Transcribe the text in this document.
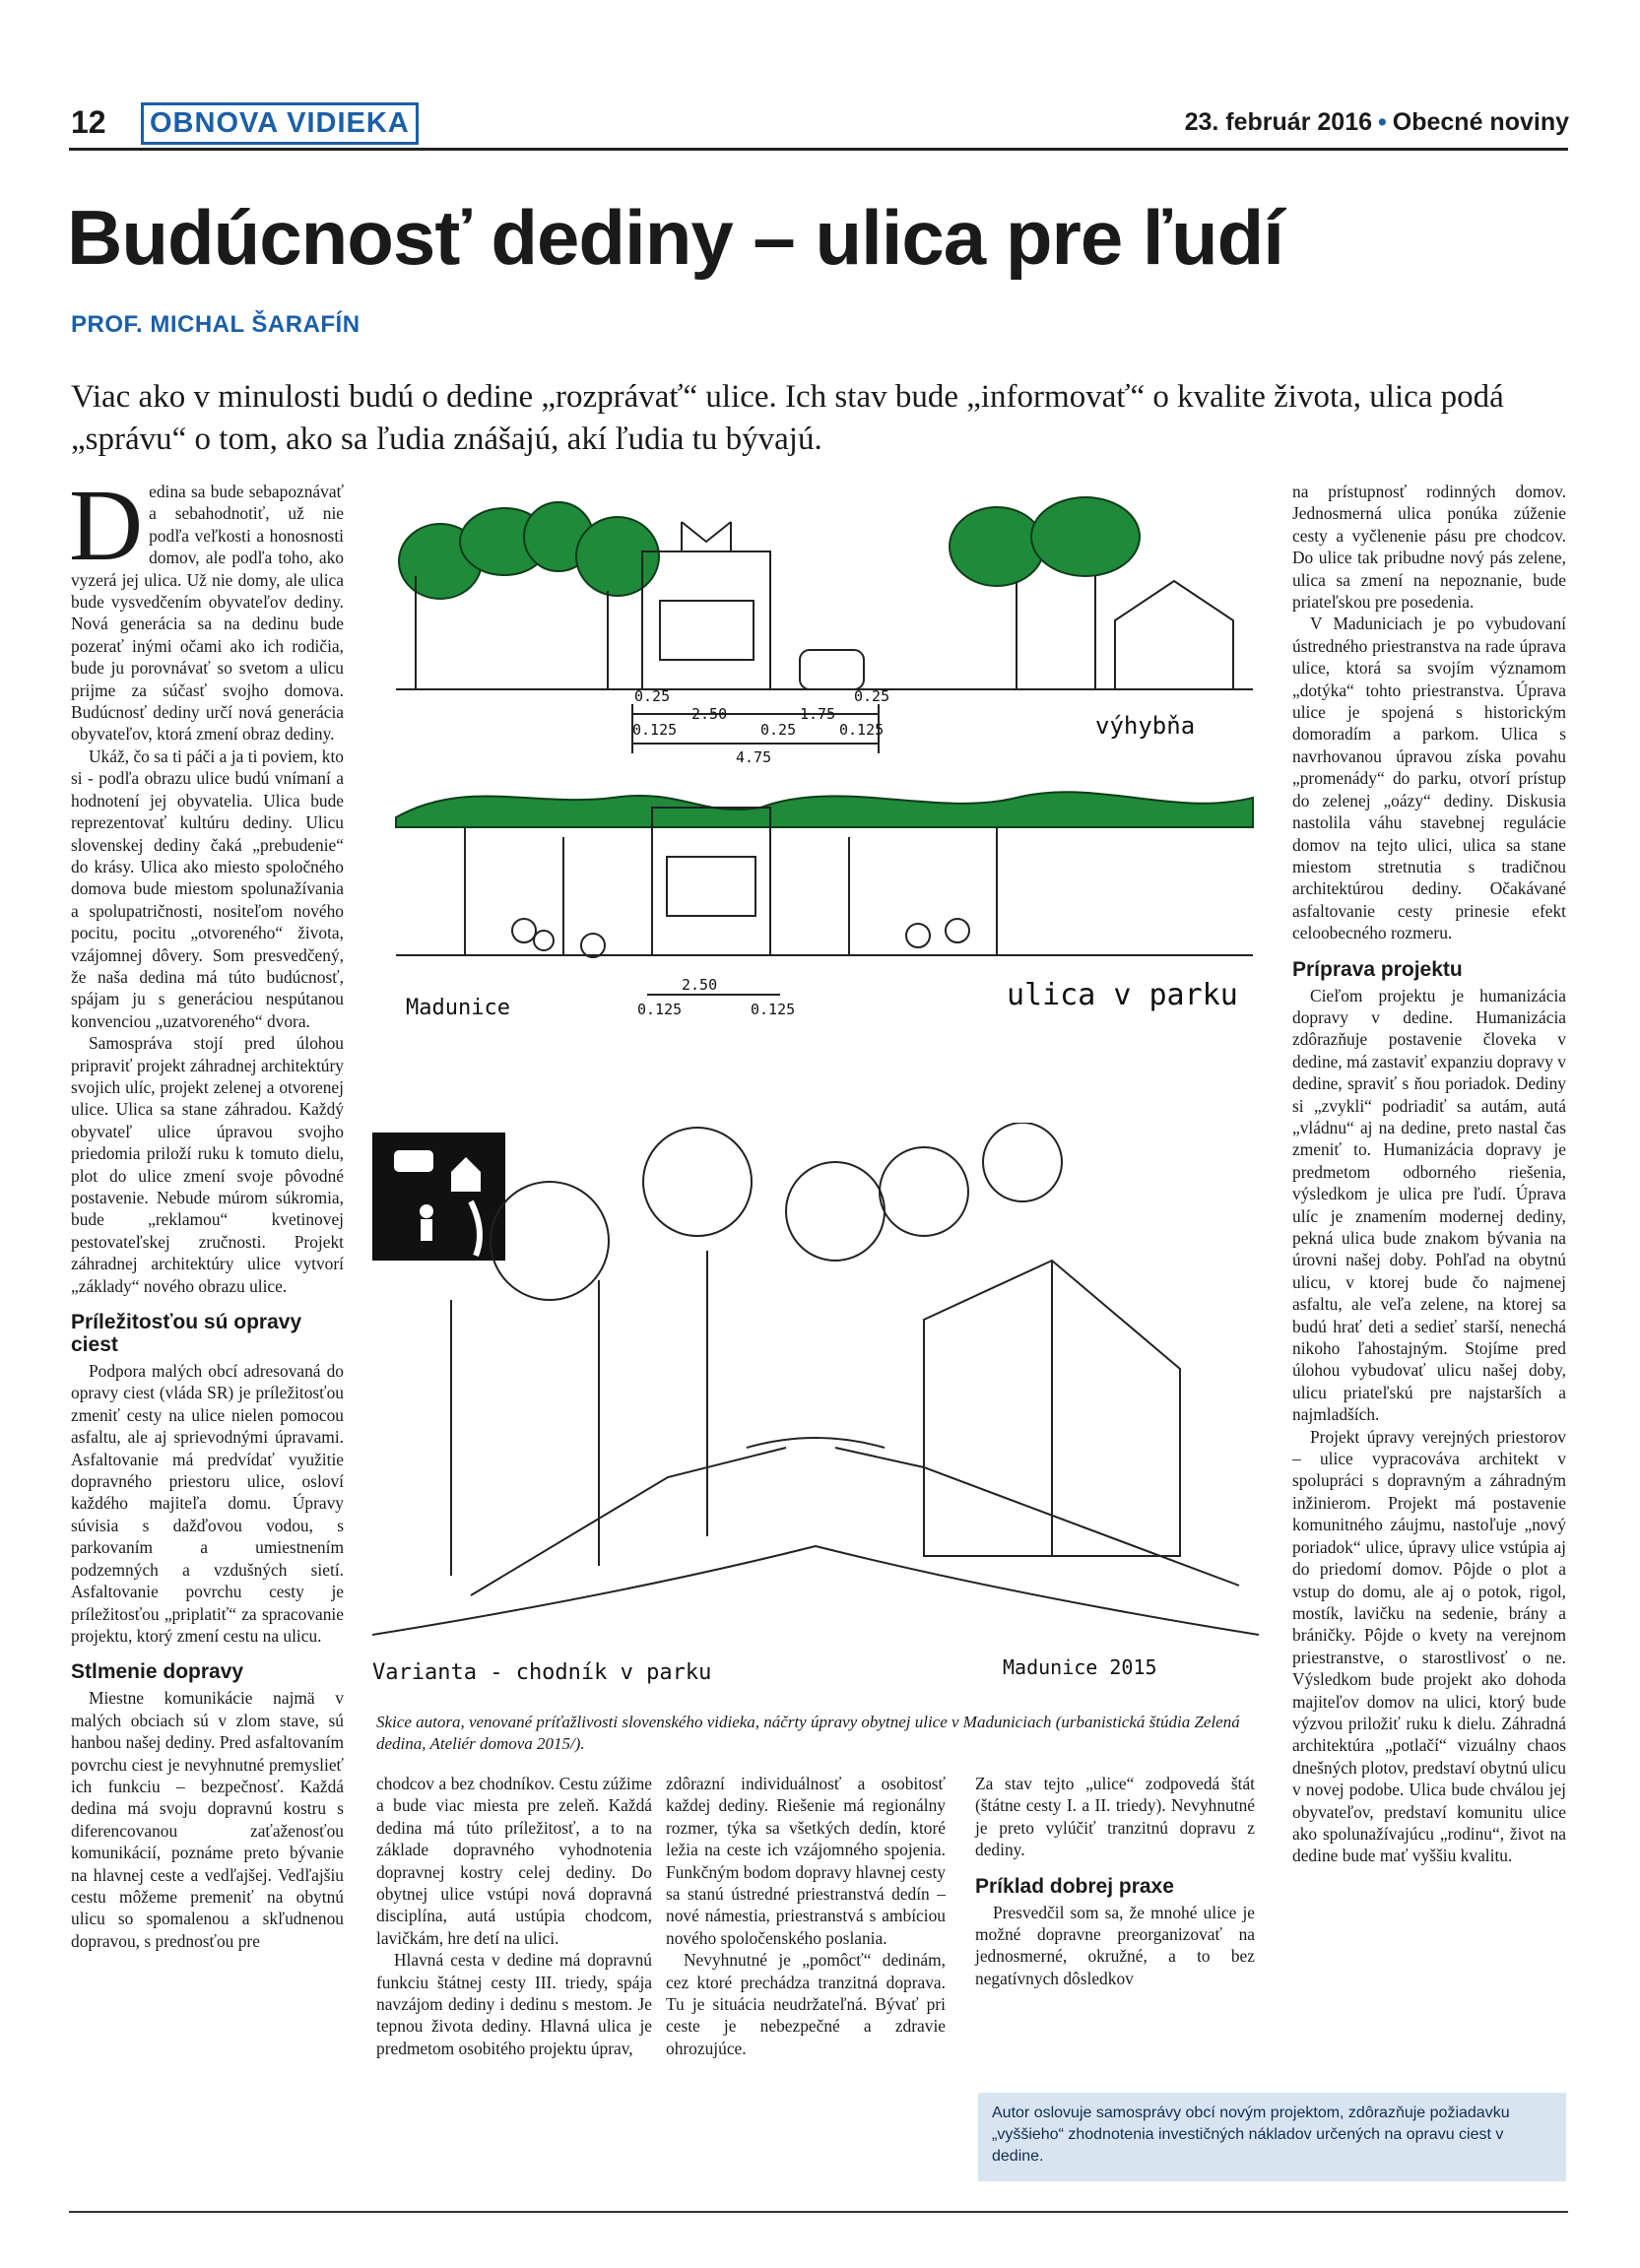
12	OBNOVA VIDIEKA	23. február 2016 • Obecné noviny
Budúcnosť dediny – ulica pre ľudí
PROF. MICHAL ŠARAFÍN
Viac ako v minulosti budú o dedine „rozprávať“ ulice. Ich stav bude „informovať“ o kvalite života, ulica podá „správu“ o tom, ako sa ľudia znášajú, akí ľudia tu bývajú.

Dedina sa bude sebapoznávať a sebahodnotiť, už nie podľa veľkosti a honosnosti domov, ale podľa toho, ako vyzerá jej ulica. Už nie domy, ale ulica bude vysvedčením obyvateľov dediny. Nová generácia sa na dedinu bude pozerať inými očami ako ich rodičia, bude ju porovnávať so svetom a ulicu prijme za súčasť svojho domova. Budúcnosť dediny určí nová generácia obyvateľov, ktorá zmení obraz dediny.

Ukáž, čo sa ti páči a ja ti poviem, kto si - podľa obrazu ulice budú vnímaní a hodnotení jej obyvatelia. Ulica bude reprezentovať kultúru dediny. Ulicu slovenskej dediny čaká „prebudenie“ do krásy. Ulica ako miesto spoločného domova bude miestom spolunažívania a spolupatričnosti, nositeľom nového pocitu, pocitu „otvoreného“ života, vzájomnej dôvery. Som presvedčený, že naša dedina má túto budúcnosť, spájam ju s generáciou nespútanou konvenciou „uzatvoreného“ dvora.

Samospráva stojí pred úlohou pripraviť projekt záhradnej architektúry svojich ulíc, projekt zelenej a otvorenej ulice. Ulica sa stane záhradou. Každý obyvateľ ulice úpravou svojho priedomia priloží ruku k tomuto dielu, plot do ulice zmení svoje pôvodné postavenie. Nebude múrom súkromia, bude „reklamou“ kvetinovej pestovateľskej zručnosti. Projekt záhradnej architektúry ulice vytvorí „základy“ nového obrazu ulice.

Príležitosťou sú opravy ciest

Podpora malých obcí adresovaná do opravy ciest (vláda SR) je príležitosťou zmeniť cesty na ulice nielen pomocou asfaltu, ale aj sprievodnými úpravami. Asfaltovanie má predvídať využitie dopravného priestoru ulice, osloví každého majiteľa domu. Úpravy súvisia s dažďovou vodou, s parkovaním a umiestnením podzemných a vzdušných sietí. Asfaltovanie povrchu cesty je príležitosťou „priplatiť“ za spracovanie projektu, ktorý zmení cestu na ulicu.

Stlmenie dopravy

Miestne komunikácie najmä v malých obciach sú v zlom stave, sú hanbou našej dediny. Pred asfaltovaním povrchu ciest je nevyhnutné premyslieť ich funkciu – bezpečnosť. Každá dedina má svoju dopravnú kostru s diferencovanou zaťaženosťou komunikácií, poznáme preto bývanie na hlavnej ceste a vedľajšej. Vedľajšiu cestu môžeme premeniť na obytnú ulicu so spomalenou a skľudnenou dopravou, s prednosťou pre

0.25
2.50	1.75
0.25
0.125	0.25	0.125
4.75
výhybňa
2.50
0.125	0.125
Madunice	ulica v parku
Varianta - chodník v parku	Madunice 2015
Skice autora, venované príťažlivosti slovenského vidieka, náčrty úpravy obytnej ulice v Maduniciach (urbanistická štúdia Zelená dedina, Ateliér domova 2015/).

chodcov a bez chodníkov. Cestu zúžime a bude viac miesta pre zeleň. Každá dedina má túto príležitosť, a to na základe dopravného vyhodnotenia dopravnej kostry celej dediny. Do obytnej ulice vstúpi nová dopravná disciplína, autá ustúpia chodcom, lavičkám, hre detí na ulici.

Hlavná cesta v dedine má dopravnú funkciu štátnej cesty III. triedy, spája navzájom dediny i dedinu s mestom. Je tepnou života dediny. Hlavná ulica je predmetom osobitého projektu úprav,

zdôrazní individuálnosť a osobitosť každej dediny. Riešenie má regionálny rozmer, týka sa všetkých dedín, ktoré ležia na ceste ich vzájomného spojenia. Funkčným bodom dopravy hlavnej cesty sa stanú ústredné priestranstvá dedín – nové námestia, priestranstvá s ambíciou nového spoločenského poslania.

Nevyhnutné je „pomôcť“ dedinám, cez ktoré prechádza tranzitná doprava. Tu je situácia neudržateľná. Bývať pri ceste je nebezpečné a zdravie ohrozujúce.

Za stav tejto „ulice“ zodpovedá štát (štátne cesty I. a II. triedy). Nevyhnutné je preto vylúčiť tranzitnú dopravu z dediny.

Príklad dobrej praxe

Presvedčil som sa, že mnohé ulice je možné dopravne preorganizovať na jednosmerné, okružné, a to bez negatívnych dôsledkov

na prístupnosť rodinných domov. Jednosmerná ulica ponúka zúženie cesty a vyčlenenie pásu pre chodcov. Do ulice tak pribudne nový pás zelene, ulica sa zmení na nepoznanie, bude priateľskou pre posedenia.

V Maduniciach je po vybudovaní ústredného priestranstva na rade úprava ulice, ktorá sa svojím významom „dotýka“ tohto priestranstva. Úprava ulice je spojená s historickým domoradím a parkom. Ulica s navrhovanou úpravou získa povahu „promenády“ do parku, otvorí prístup do zelenej „oázy“ dediny. Diskusia nastolila váhu stavebnej regulácie domov na tejto ulici, ulica sa stane miestom stretnutia s tradičnou architektúrou dediny. Očakávané asfaltovanie cesty prinesie efekt celoobecného rozmeru.

Príprava projektu

Cieľom projektu je humanizácia dopravy v dedine. Humanizácia zdôrazňuje postavenie človeka v dedine, má zastaviť expanziu dopravy v dedine, spraviť s ňou poriadok. Dediny si „zvykli“ podriadiť sa autám, autá „vládnu“ aj na dedine, preto nastal čas zmeniť to. Humanizácia dopravy je predmetom odborného riešenia, výsledkom je ulica pre ľudí. Úprava ulíc je znamením modernej dediny, pekná ulica bude znakom bývania na úrovni našej doby. Pohľad na obytnú ulicu, v ktorej bude čo najmenej asfaltu, ale veľa zelene, na ktorej sa budú hrať deti a sedieť starší, nenechá nikoho ľahostajným. Stojíme pred úlohou vybudovať ulicu našej doby, ulicu priateľskú pre najstarších a najmladších.

Projekt úpravy verejných priestorov – ulice vypracováva architekt v spolupráci s dopravným a záhradným inžinierom. Projekt má postavenie komunitného záujmu, nastoľuje „nový poriadok“ ulice, úpravy ulice vstúpia aj do priedomí domov. Pôjde o plot a vstup do domu, ale aj o potok, rigol, mostík, lavičku na sedenie, brány a bráničky. Pôjde o kvety na verejnom priestranstve, o starostlivosť o ne. Výsledkom bude projekt ako dohoda majiteľov domov na ulici, ktorý bude výzvou priložiť ruku k dielu. Záhradná architektúra „potlačí“ vizuálny chaos dnešných plotov, predstaví obytnú ulicu v novej podobe. Ulica bude chválou jej obyvateľov, predstaví komunitu ulice ako spolunažívajúcu „rodinu“, život na dedine bude mať vyššiu kvalitu.

Autor oslovuje samosprávy obcí novým projektom, zdôrazňuje požiadavku „vyššieho“ zhodnotenia investičných nákladov určených na opravu ciest v dedine.
